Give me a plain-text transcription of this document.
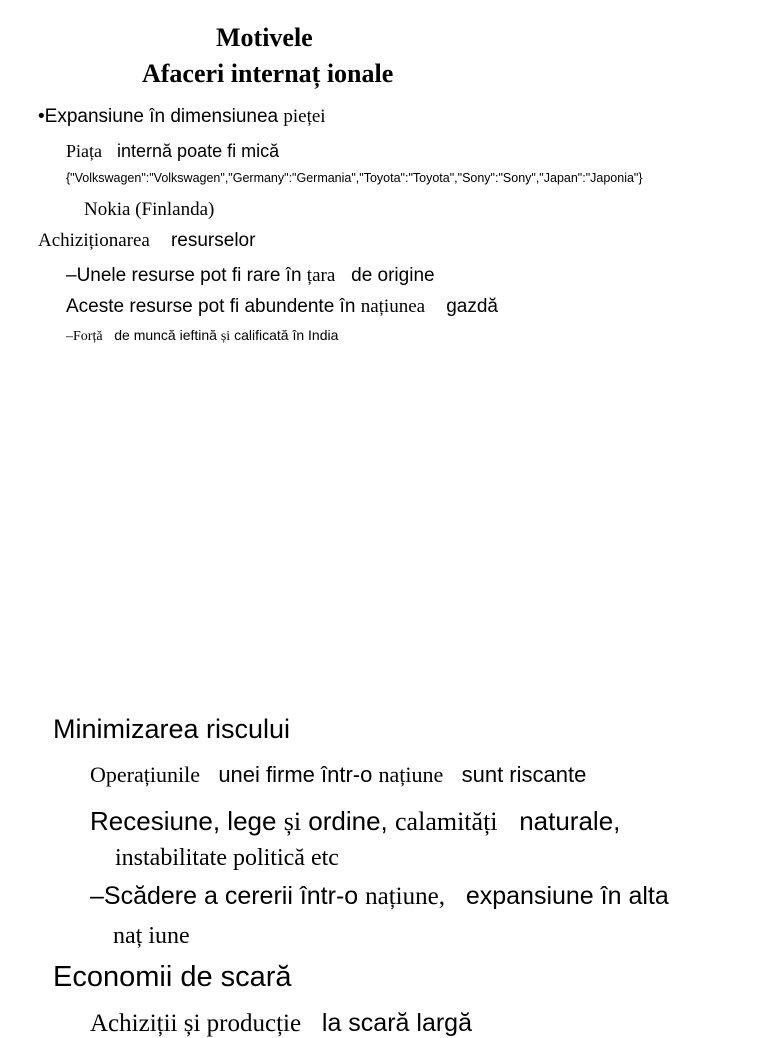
Motivele
Afaceri internaț ionale
•Expansiune în dimensiunea pieței
Piața internă poate fi mică
{"Volkswagen":"Volkswagen","Germany":"Germania","Toyota":"Toyota","Sony":"Sony","Japan":"Japonia"}
Nokia (Finlanda)
Achiziționarea resurselor
–Unele resurse pot fi rare în țara de origine
Aceste resurse pot fi abundente în națiunea gazdă
–Forță de muncă ieftină și calificată în India
Minimizarea riscului
Operațiunile unei firme într-o națiune sunt riscante
Recesiune, lege și ordine, calamități naturale,
instabilitate politică etc
–Scădere a cererii într-o națiune, expansiune în alta
naț iune
Economii de scară
Achiziții și producție la scară largă
